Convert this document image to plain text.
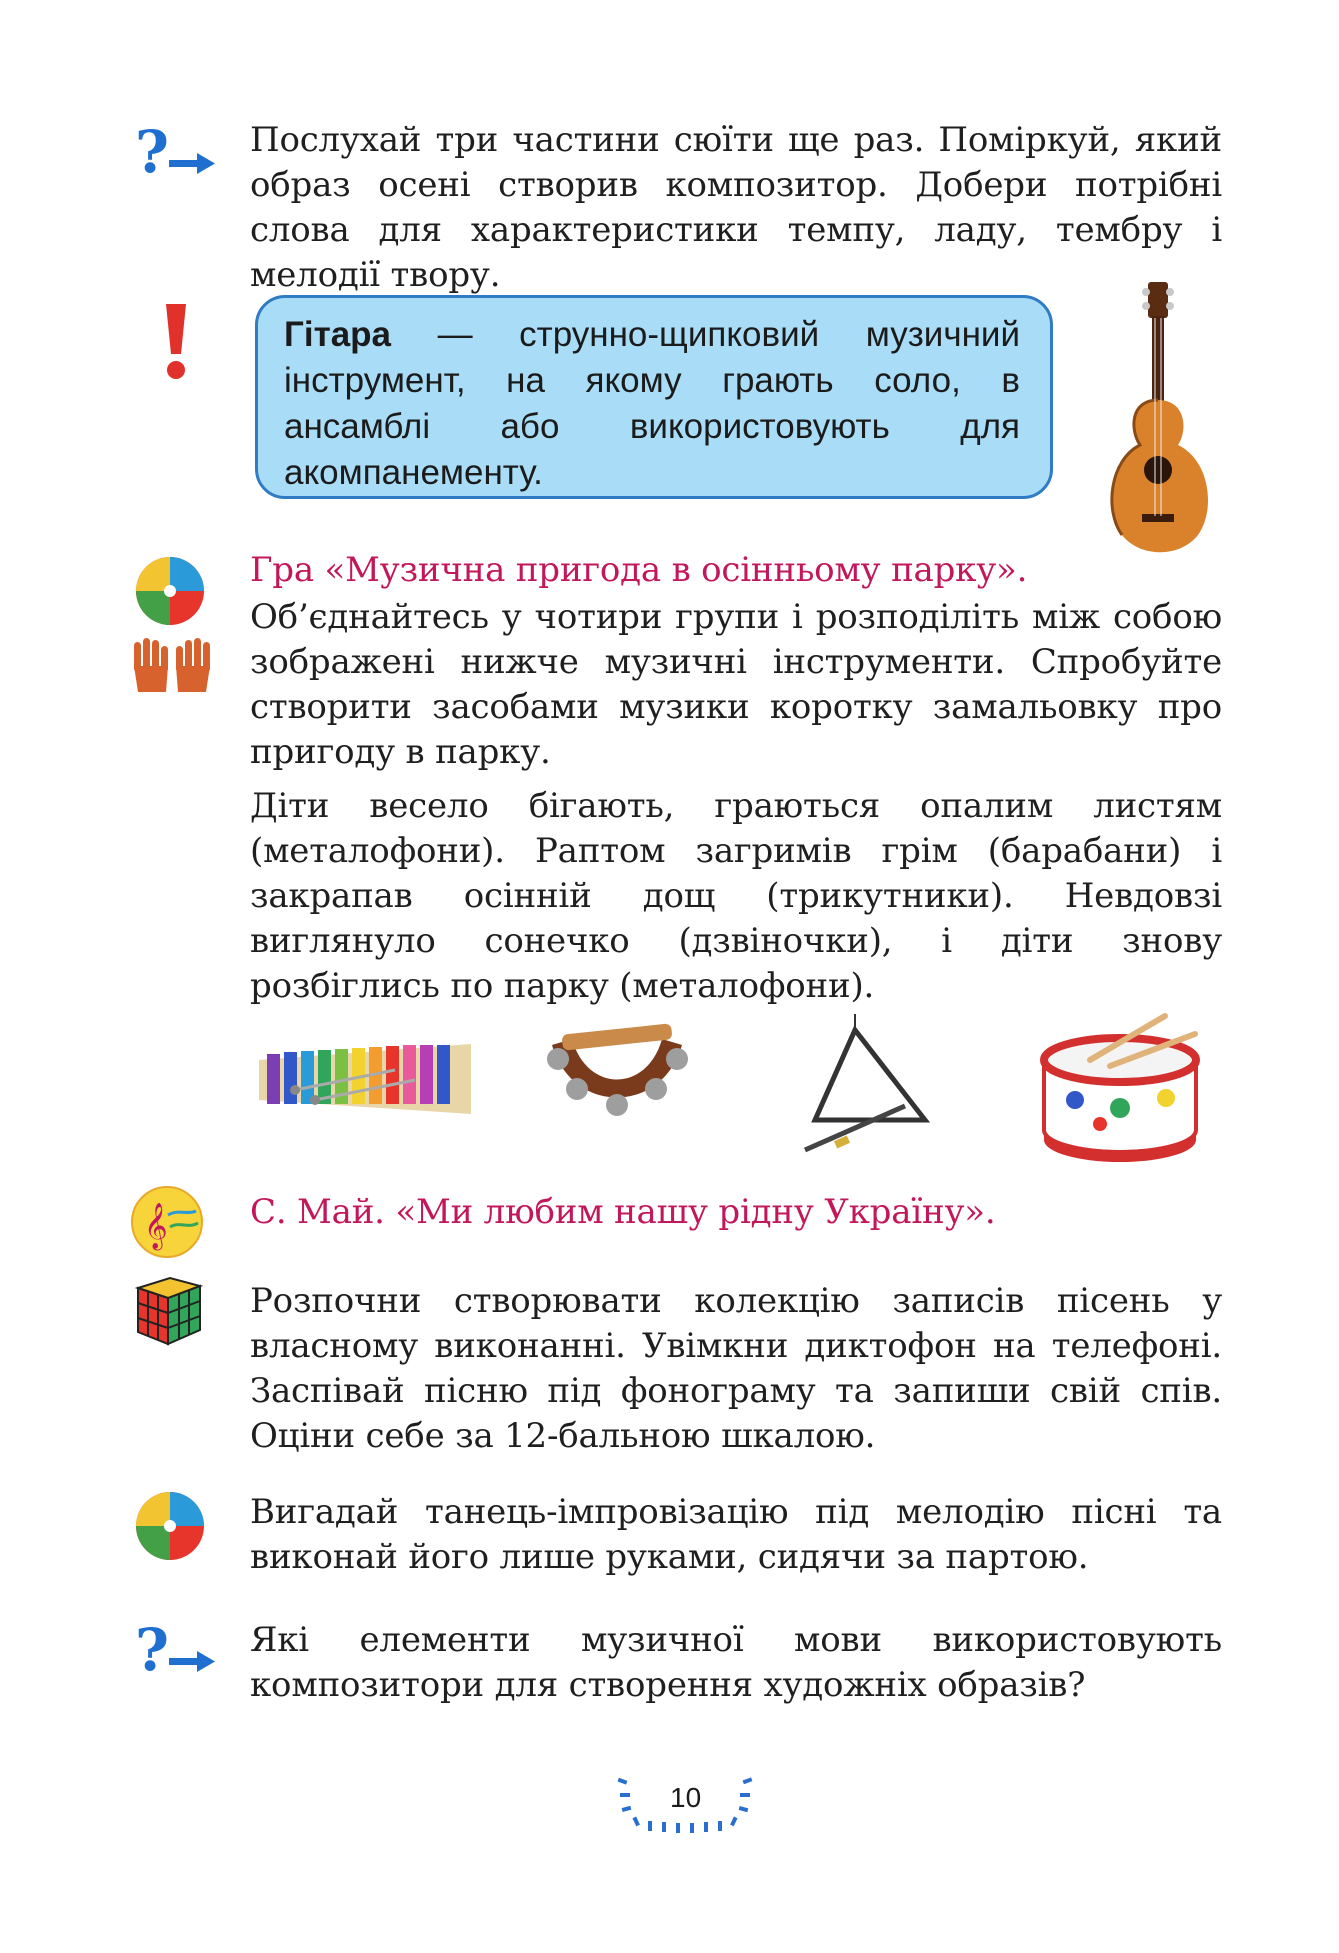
? Послухай три частини сюїти ще раз. Поміркуй, який образ осені створив композитор. Добери потрібні слова для характеристики темпу, ладу, тембру і мелодії твору.

Гітара — струнно-щипковий музичний інструмент, на якому грають соло, в ансамблі або використовують для акомпанементу.

Гра «Музична пригода в осінньому парку».

Об’єднайтесь у чотири групи і розподіліть між собою зображені нижче музичні інструменти. Спробуйте створити засобами музики коротку замальовку про пригоду в парку.

Діти весело бігають, граються опалим листям (металофони). Раптом загримів грім (барабани) і закрапав осінній дощ (трикутники). Невдовзі виглянуло сонечко (дзвіночки), і діти знову розбіглись по парку (металофони).

𝄞 С. Май. «Ми любим нашу рідну Україну».

Розпочни створювати колекцію записів пісень у власному виконанні. Увімкни диктофон на телефоні. Заспівай пісню під фонограму та запиши свій спів. Оціни себе за 12-бальною шкалою.

Вигадай танець-імпровізацію під мелодію пісні та виконай його лише руками, сидячи за партою.

? Які елементи музичної мови використовують композитори для створення художніх образів?

10
